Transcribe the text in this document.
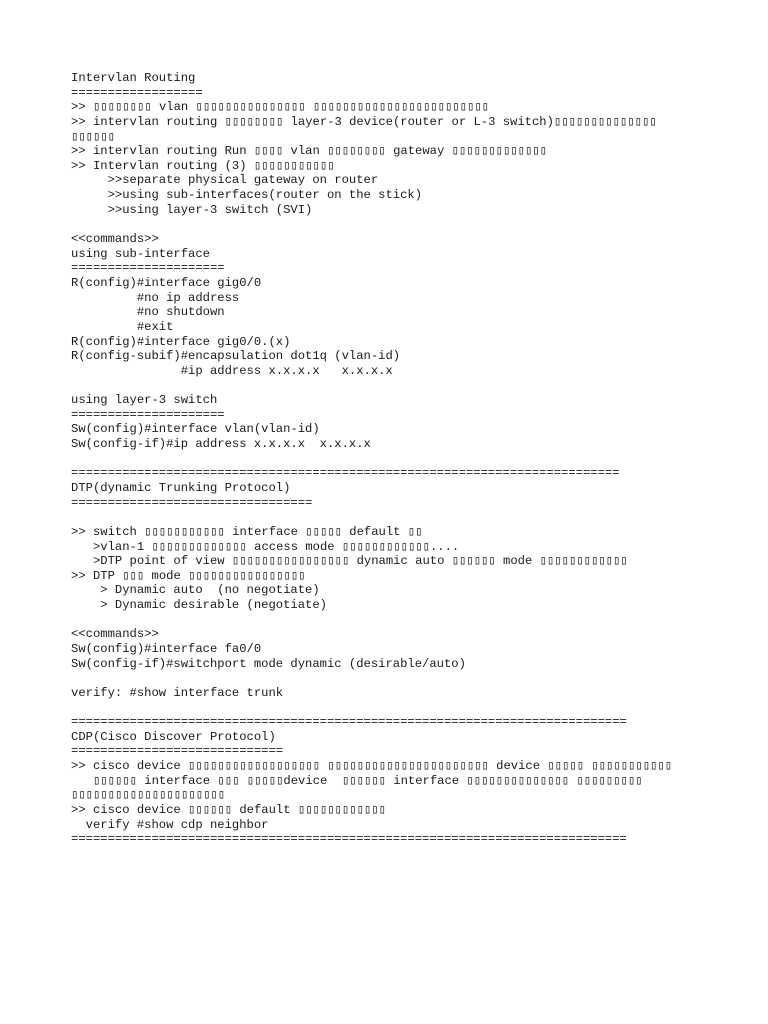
Intervlan Routing
==================
>> ▯▯▯▯▯▯▯▯ vlan ▯▯▯▯▯▯▯▯▯▯▯▯▯▯▯ ▯▯▯▯▯▯▯▯▯▯▯▯▯▯▯▯▯▯▯▯▯▯▯▯
>> intervlan routing ▯▯▯▯▯▯▯▯ layer-3 device(router or L-3 switch)▯▯▯▯▯▯▯▯▯▯▯▯▯▯
▯▯▯▯▯▯
>> intervlan routing Run ▯▯▯▯ vlan ▯▯▯▯▯▯▯▯ gateway ▯▯▯▯▯▯▯▯▯▯▯▯▯
>> Intervlan routing (3) ▯▯▯▯▯▯▯▯▯▯▯
>>separate physical gateway on router
>>using sub-interfaces(router on the stick)
>>using layer-3 switch (SVI)
<<commands>>
using sub-interface
=====================
R(config)#interface gig0/0
#no ip address
#no shutdown
#exit
R(config)#interface gig0/0.(x)
R(config-subif)#encapsulation dot1q (vlan-id)
#ip address x.x.x.x   x.x.x.x
using layer-3 switch
=====================
Sw(config)#interface vlan(vlan-id)
Sw(config-if)#ip address x.x.x.x  x.x.x.x
===========================================================================
DTP(dynamic Trunking Protocol)
=================================
>> switch ▯▯▯▯▯▯▯▯▯▯▯ interface ▯▯▯▯▯ default ▯▯
>vlan-1 ▯▯▯▯▯▯▯▯▯▯▯▯▯ access mode ▯▯▯▯▯▯▯▯▯▯▯▯....
>DTP point of view ▯▯▯▯▯▯▯▯▯▯▯▯▯▯▯▯ dynamic auto ▯▯▯▯▯▯ mode ▯▯▯▯▯▯▯▯▯▯▯▯
>> DTP ▯▯▯ mode ▯▯▯▯▯▯▯▯▯▯▯▯▯▯▯▯
> Dynamic auto  (no negotiate)
> Dynamic desirable (negotiate)
<<commands>>
Sw(config)#interface fa0/0
Sw(config-if)#switchport mode dynamic (desirable/auto)
verify: #show interface trunk
============================================================================
CDP(Cisco Discover Protocol)
=============================
>> cisco device ▯▯▯▯▯▯▯▯▯▯▯▯▯▯▯▯▯▯ ▯▯▯▯▯▯▯▯▯▯▯▯▯▯▯▯▯▯▯▯▯▯ device ▯▯▯▯▯ ▯▯▯▯▯▯▯▯▯▯▯
▯▯▯▯▯▯ interface ▯▯▯ ▯▯▯▯▯device  ▯▯▯▯▯▯ interface ▯▯▯▯▯▯▯▯▯▯▯▯▯▯ ▯▯▯▯▯▯▯▯▯
▯▯▯▯▯▯▯▯▯▯▯▯▯▯▯▯▯▯▯▯▯
>> cisco device ▯▯▯▯▯▯ default ▯▯▯▯▯▯▯▯▯▯▯▯
verify #show cdp neighbor
============================================================================
